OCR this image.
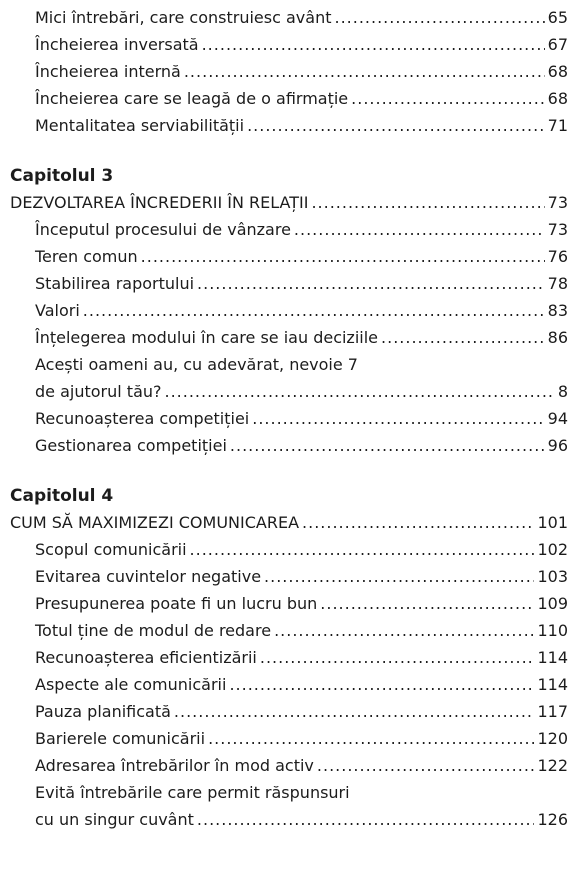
Mici întrebări, care construiesc avânt .....	65
Încheierea inversată .....	67
Încheierea internă .....	68
Încheierea care se leagă de o afirmație .....	68
Mentalitatea serviabilității .....	71
Capitolul 3
DEZVOLTAREA ÎNCREDERII ÎN RELAȚII .....	73
Începutul procesului de vânzare .....	73
Teren comun .....	76
Stabilirea raportului .....	78
Valori .....	83
Înțelegerea modului în care se iau deciziile .....	86
Acești oameni au, cu adevărat, nevoie 7
de ajutorul tău? .....	8
Recunoașterea competiției .....	94
Gestionarea competiției .....	96
Capitolul 4
CUM SĂ MAXIMIZEZI COMUNICAREA .....	101
Scopul comunicării .....	102
Evitarea cuvintelor negative .....	103
Presupunerea poate fi un lucru bun .....	109
Totul ține de modul de redare .....	110
Recunoașterea eficientizării .....	114
Aspecte ale comunicării .....	114
Pauza planificată .....	117
Barierele comunicării .....	120
Adresarea întrebărilor în mod activ .....	122
Evită întrebările care permit răspunsuri
cu un singur cuvânt .....	126
